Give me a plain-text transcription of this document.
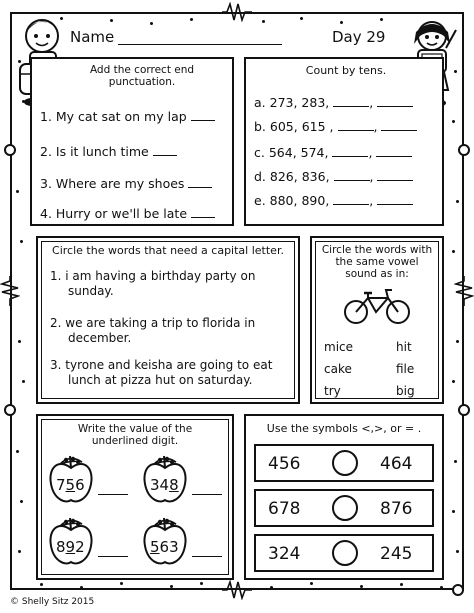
Name	Day 29
Add the correct end punctuation.
1. My cat sat on my lap
2. Is it lunch time
3. Where are my shoes
4. Hurry or we'll be late
Count by tens.
a. 273, 283,	,
b. 605, 615 ,	,
c. 564, 574,	,
d. 826, 836,	,
e. 880, 890,	,
Circle the words that need a capital letter.
1. i am having a birthday party on
sunday.
2. we are taking a trip to florida in
december.
3. tyrone and keisha are going to eat
lunch at pizza hut on saturday.
Circle the words with the same vowel sound as in:
mice	hit
cake	file
try	big
Write the value of the underlined digit.
756	348
892	563
Use the symbols <,>, or = .
456	464
678	876
324	245
© Shelly Sitz 2015
